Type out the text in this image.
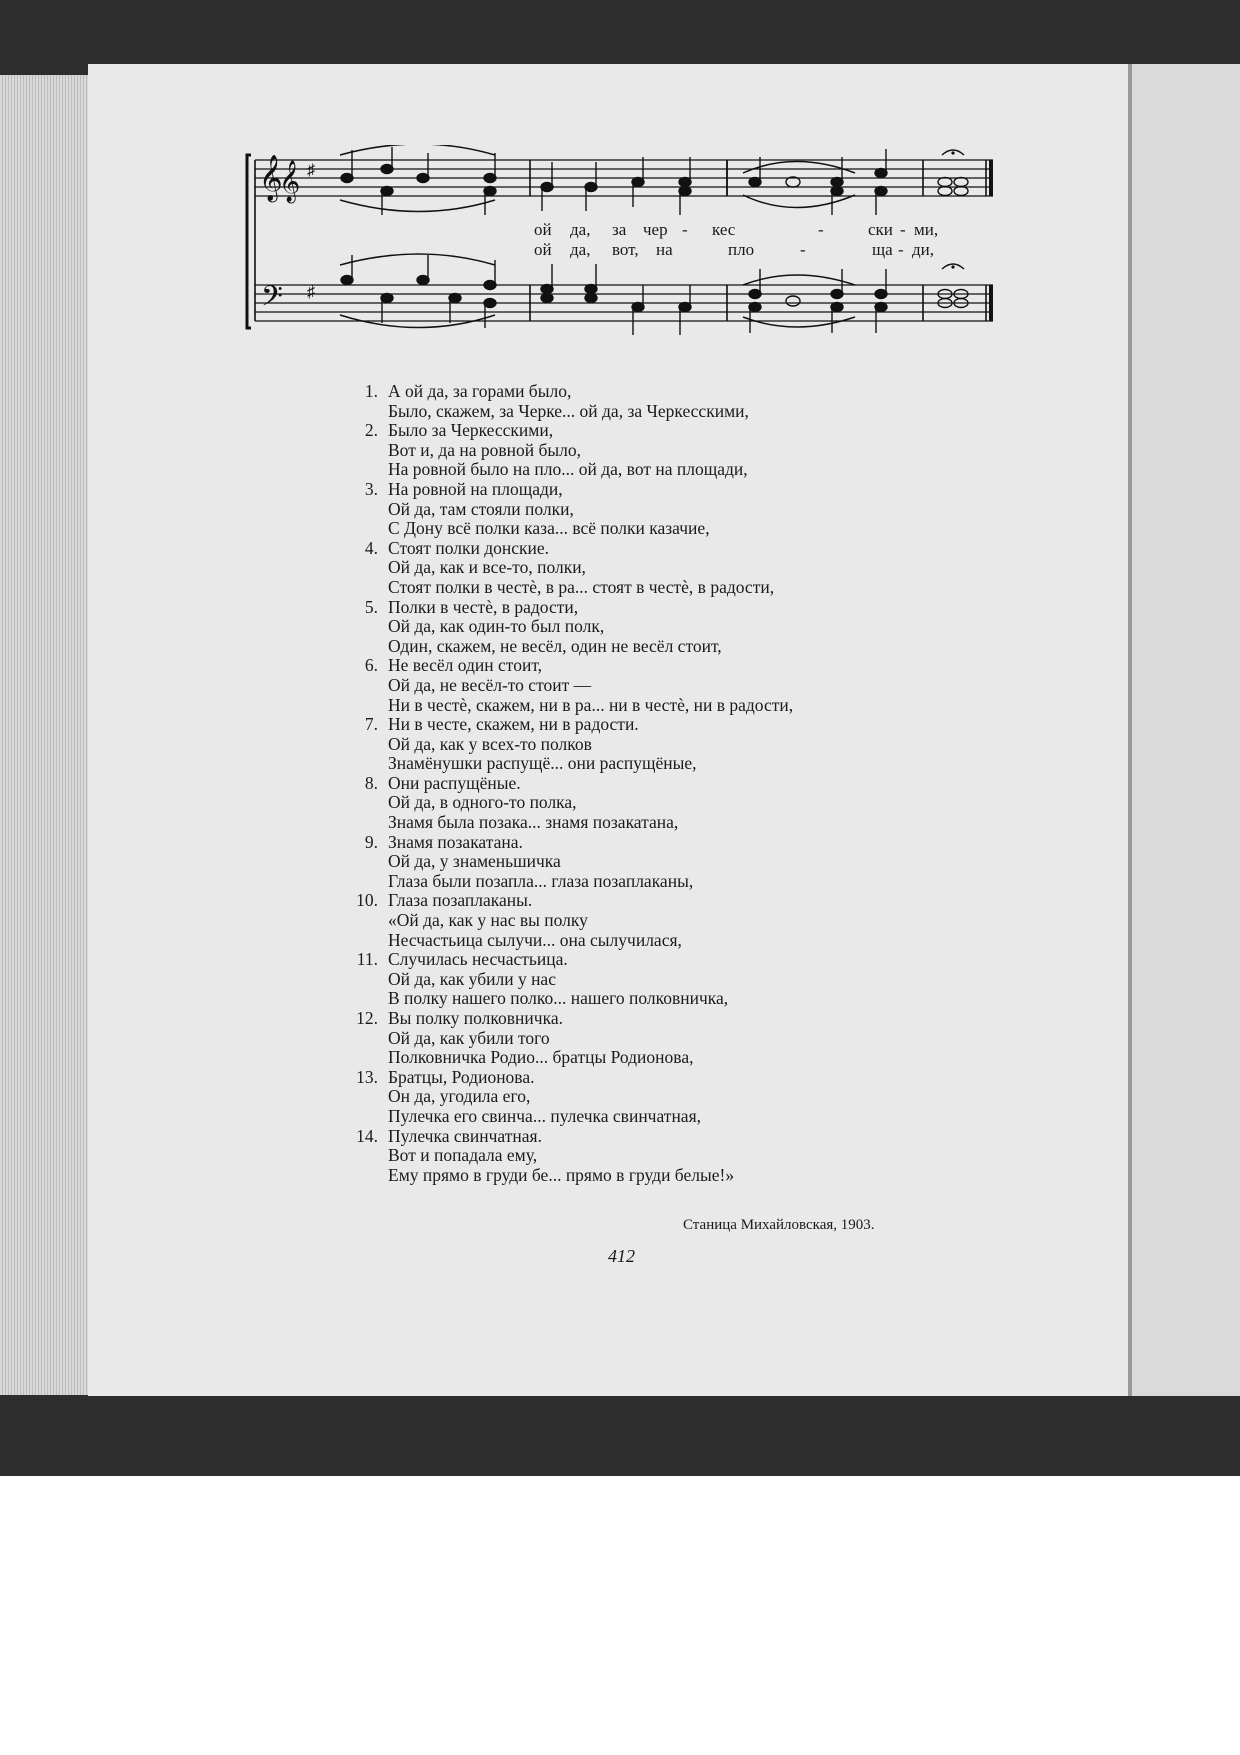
𝄞
𝄞 ♯
𝄢 ♯
ой да, за чер - кес	-	ски - ми,
ой да, вот, на	пло	-	ща - ди,
1. А ой да, за горами было,
Было, скажем, за Черке... ой да, за Черкесскими,
2. Было за Черкесскими,
Вот и, да на ровной было,
На ровной было на пло... ой да, вот на площади,
3. На ровной на площади,
Ой да, там стояли полки,
С Дону всё полки каза... всё полки казачие,
4. Стоят полки донские.
Ой да, как и все-то, полки,
Стоят полки в честѐ, в ра... стоят в честѐ, в радости,
5. Полки в честѐ, в радости,
Ой да, как один-то был полк,
Один, скажем, не весёл, один не весёл стоит,
6. Не весёл один стоит,
Ой да, не весёл-то стоит —
Ни в честѐ, скажем, ни в ра... ни в честѐ, ни в радости,
7. Ни в честе, скажем, ни в радости.
Ой да, как у всех-то полков
Знамёнушки распущё... они распущёные,
8. Они распущёные.
Ой да, в одного-то полка,
Знамя была позака... знамя позакатана,
9. Знамя позакатана.
Ой да, у знаменьшичка
Глаза были позапла... глаза позаплаканы,
10. Глаза позаплаканы.
«Ой да, как у нас вы полку
Несчастьица сылучи... она сылучилася,
11. Случилась несчастьица.
Ой да, как убили у нас
В полку нашего полко... нашего полковничка,
12. Вы полку полковничка.
Ой да, как убили того
Полковничка Родио... братцы Родионова,
13. Братцы, Родионова.
Он да, угодила его,
Пулечка его свинча... пулечка свинчатная,
14. Пулечка свинчатная.
Вот и попадала ему,
Ему прямо в груди бе... прямо в груди белые!»
Станица Михайловская, 1903.
412
